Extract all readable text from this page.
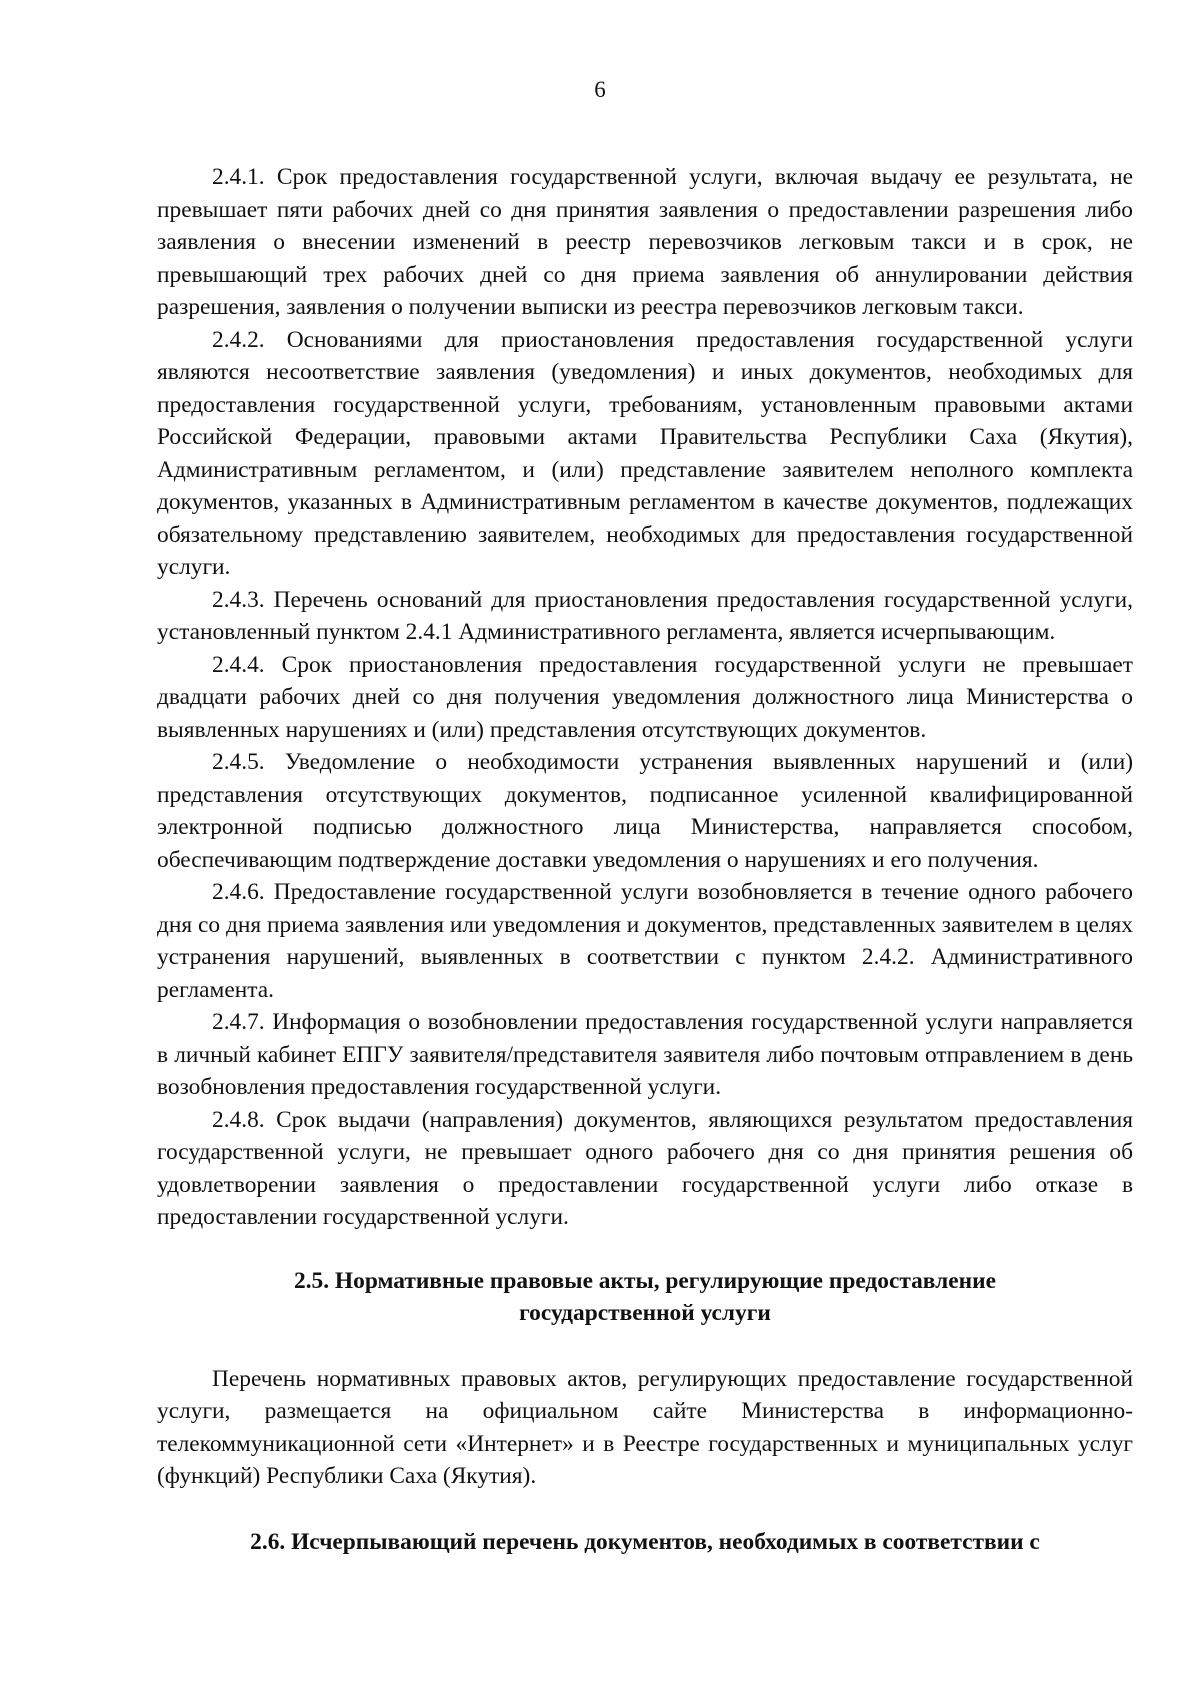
6

2.4.1. Срок предоставления государственной услуги, включая выдачу ее результата, не превышает пяти рабочих дней со дня принятия заявления о предоставлении разрешения либо заявления о внесении изменений в реестр перевозчиков легковым такси и в срок, не превышающий трех рабочих дней со дня приема заявления об аннулировании действия разрешения, заявления о получении выписки из реестра перевозчиков легковым такси.

2.4.2. Основаниями для приостановления предоставления государственной услуги являются несоответствие заявления (уведомления) и иных документов, необходимых для предоставления государственной услуги, требованиям, установленным правовыми актами Российской Федерации, правовыми актами Правительства Республики Саха (Якутия), Административным регламентом, и (или) представление заявителем неполного комплекта документов, указанных в Административным регламентом в качестве документов, подлежащих обязательному представлению заявителем, необходимых для предоставления государственной услуги.

2.4.3. Перечень оснований для приостановления предоставления государственной услуги, установленный пунктом 2.4.1 Административного регламента, является исчерпывающим.

2.4.4. Срок приостановления предоставления государственной услуги не превышает двадцати рабочих дней со дня получения уведомления должностного лица Министерства о выявленных нарушениях и (или) представления отсутствующих документов.

2.4.5. Уведомление о необходимости устранения выявленных нарушений и (или) представления отсутствующих документов, подписанное усиленной квалифицированной электронной подписью должностного лица Министерства, направляется способом, обеспечивающим подтверждение доставки уведомления о нарушениях и его получения.

2.4.6. Предоставление государственной услуги возобновляется в течение одного рабочего дня со дня приема заявления или уведомления и документов, представленных заявителем в целях устранения нарушений, выявленных в соответствии с пунктом 2.4.2. Административного регламента.

2.4.7. Информация о возобновлении предоставления государственной услуги направляется в личный кабинет ЕПГУ заявителя/представителя заявителя либо почтовым отправлением в день возобновления предоставления государственной услуги.

2.4.8. Срок выдачи (направления) документов, являющихся результатом предоставления государственной услуги, не превышает одного рабочего дня со дня принятия решения об удовлетворении заявления о предоставлении государственной услуги либо отказе в предоставлении государственной услуги.

2.5. Нормативные правовые акты, регулирующие предоставление
государственной услуги

Перечень нормативных правовых актов, регулирующих предоставление государственной услуги, размещается на официальном сайте Министерства в информационно-телекоммуникационной сети «Интернет» и в Реестре государственных и муниципальных услуг (функций) Республики Саха (Якутия).

2.6. Исчерпывающий перечень документов, необходимых в соответствии с
